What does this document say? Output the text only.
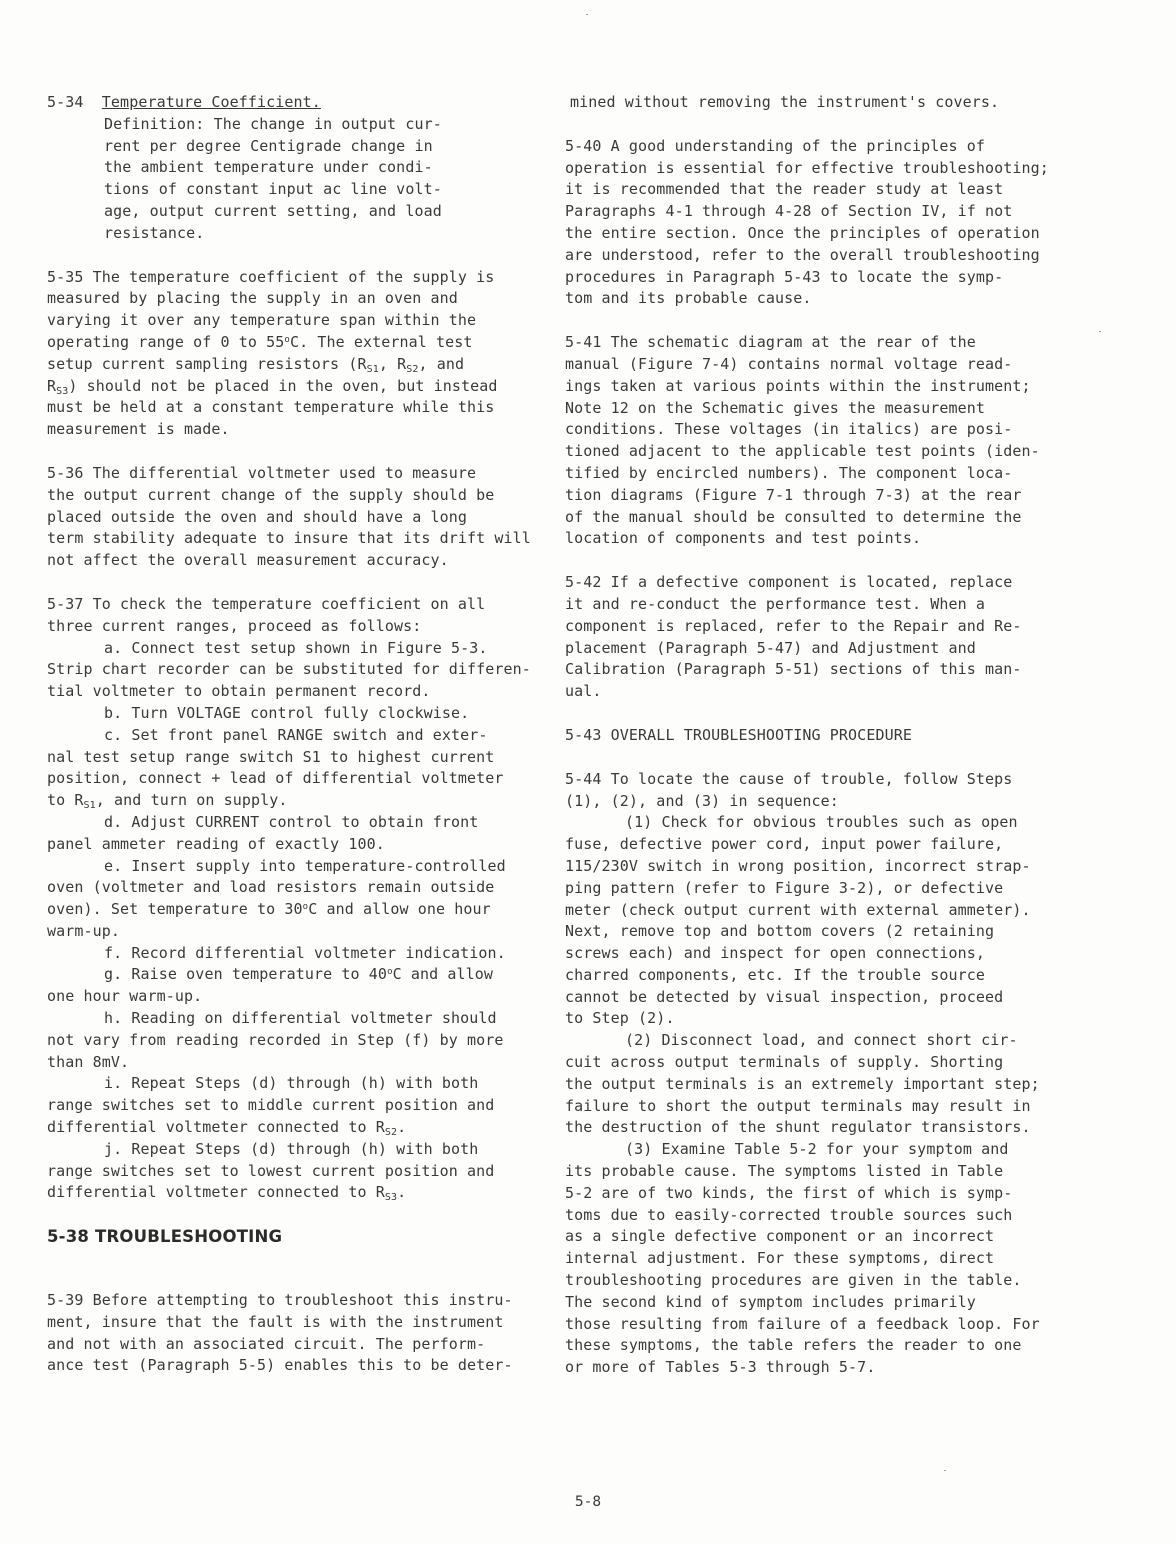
5-34 Temperature Coefficient.
Definition: The change in output cur-
rent per degree Centigrade change in
the ambient temperature under condi-
tions of constant input ac line volt-
age, output current setting, and load
resistance.
5-35 The temperature coefficient of the supply is
measured by placing the supply in an oven and
varying it over any temperature span within the
operating range of 0 to 55$^o$C. The external test
setup current sampling resistors ($R_{S1}$, $R_{S2}$, and
$R_{S3}$) should not be placed in the oven, but instead
must be held at a constant temperature while this
measurement is made.
5-36 The differential voltmeter used to measure
the output current change of the supply should be
placed outside the oven and should have a long
term stability adequate to insure that its drift will
not affect the overall measurement accuracy.
5-37 To check the temperature coefficient on all
three current ranges, proceed as follows:
a. Connect test setup shown in Figure 5-3.
Strip chart recorder can be substituted for differen-
tial voltmeter to obtain permanent record.
b. Turn VOLTAGE control fully clockwise.
c. Set front panel RANGE switch and exter-
nal test setup range switch S1 to highest current
position, connect + lead of differential voltmeter
to $R_{S1}$, and turn on supply.
d. Adjust CURRENT control to obtain front
panel ammeter reading of exactly 100.
e. Insert supply into temperature-controlled
oven (voltmeter and load resistors remain outside
oven). Set temperature to 30$^o$C and allow one hour
warm-up.
f. Record differential voltmeter indication.
g. Raise oven temperature to 40$^o$C and allow
one hour warm-up.
h. Reading on differential voltmeter should
not vary from reading recorded in Step (f) by more
than 8mV.
i. Repeat Steps (d) through (h) with both
range switches set to middle current position and
differential voltmeter connected to $R_{S2}$.
j. Repeat Steps (d) through (h) with both
range switches set to lowest current position and
differential voltmeter connected to $R_{S3}$.
5-38 TROUBLESHOOTING
5-39 Before attempting to troubleshoot this instru-
ment, insure that the fault is with the instrument
and not with an associated circuit. The perform-
ance test (Paragraph 5-5) enables this to be deter-
mined without removing the instrument's covers.
5-40 A good understanding of the principles of
operation is essential for effective troubleshooting;
it is recommended that the reader study at least
Paragraphs 4-1 through 4-28 of Section IV, if not
the entire section. Once the principles of operation
are understood, refer to the overall troubleshooting
procedures in Paragraph 5-43 to locate the symp-
tom and its probable cause.
5-41 The schematic diagram at the rear of the
manual (Figure 7-4) contains normal voltage read-
ings taken at various points within the instrument;
Note 12 on the Schematic gives the measurement
conditions. These voltages (in italics) are posi-
tioned adjacent to the applicable test points (iden-
tified by encircled numbers). The component loca-
tion diagrams (Figure 7-1 through 7-3) at the rear
of the manual should be consulted to determine the
location of components and test points.
5-42 If a defective component is located, replace
it and re-conduct the performance test. When a
component is replaced, refer to the Repair and Re-
placement (Paragraph 5-47) and Adjustment and
Calibration (Paragraph 5-51) sections of this man-
ual.
5-43 OVERALL TROUBLESHOOTING PROCEDURE
5-44 To locate the cause of trouble, follow Steps
(1), (2), and (3) in sequence:
(1) Check for obvious troubles such as open
fuse, defective power cord, input power failure,
115/230V switch in wrong position, incorrect strap-
ping pattern (refer to Figure 3-2), or defective
meter (check output current with external ammeter).
Next, remove top and bottom covers (2 retaining
screws each) and inspect for open connections,
charred components, etc. If the trouble source
cannot be detected by visual inspection, proceed
to Step (2).
(2) Disconnect load, and connect short cir-
cuit across output terminals of supply. Shorting
the output terminals is an extremely important step;
failure to short the output terminals may result in
the destruction of the shunt regulator transistors.
(3) Examine Table 5-2 for your symptom and
its probable cause. The symptoms listed in Table
5-2 are of two kinds, the first of which is symp-
toms due to easily-corrected trouble sources such
as a single defective component or an incorrect
internal adjustment. For these symptoms, direct
troubleshooting procedures are given in the table.
The second kind of symptom includes primarily
those resulting from failure of a feedback loop. For
these symptoms, the table refers the reader to one
or more of Tables 5-3 through 5-7.
5-8
